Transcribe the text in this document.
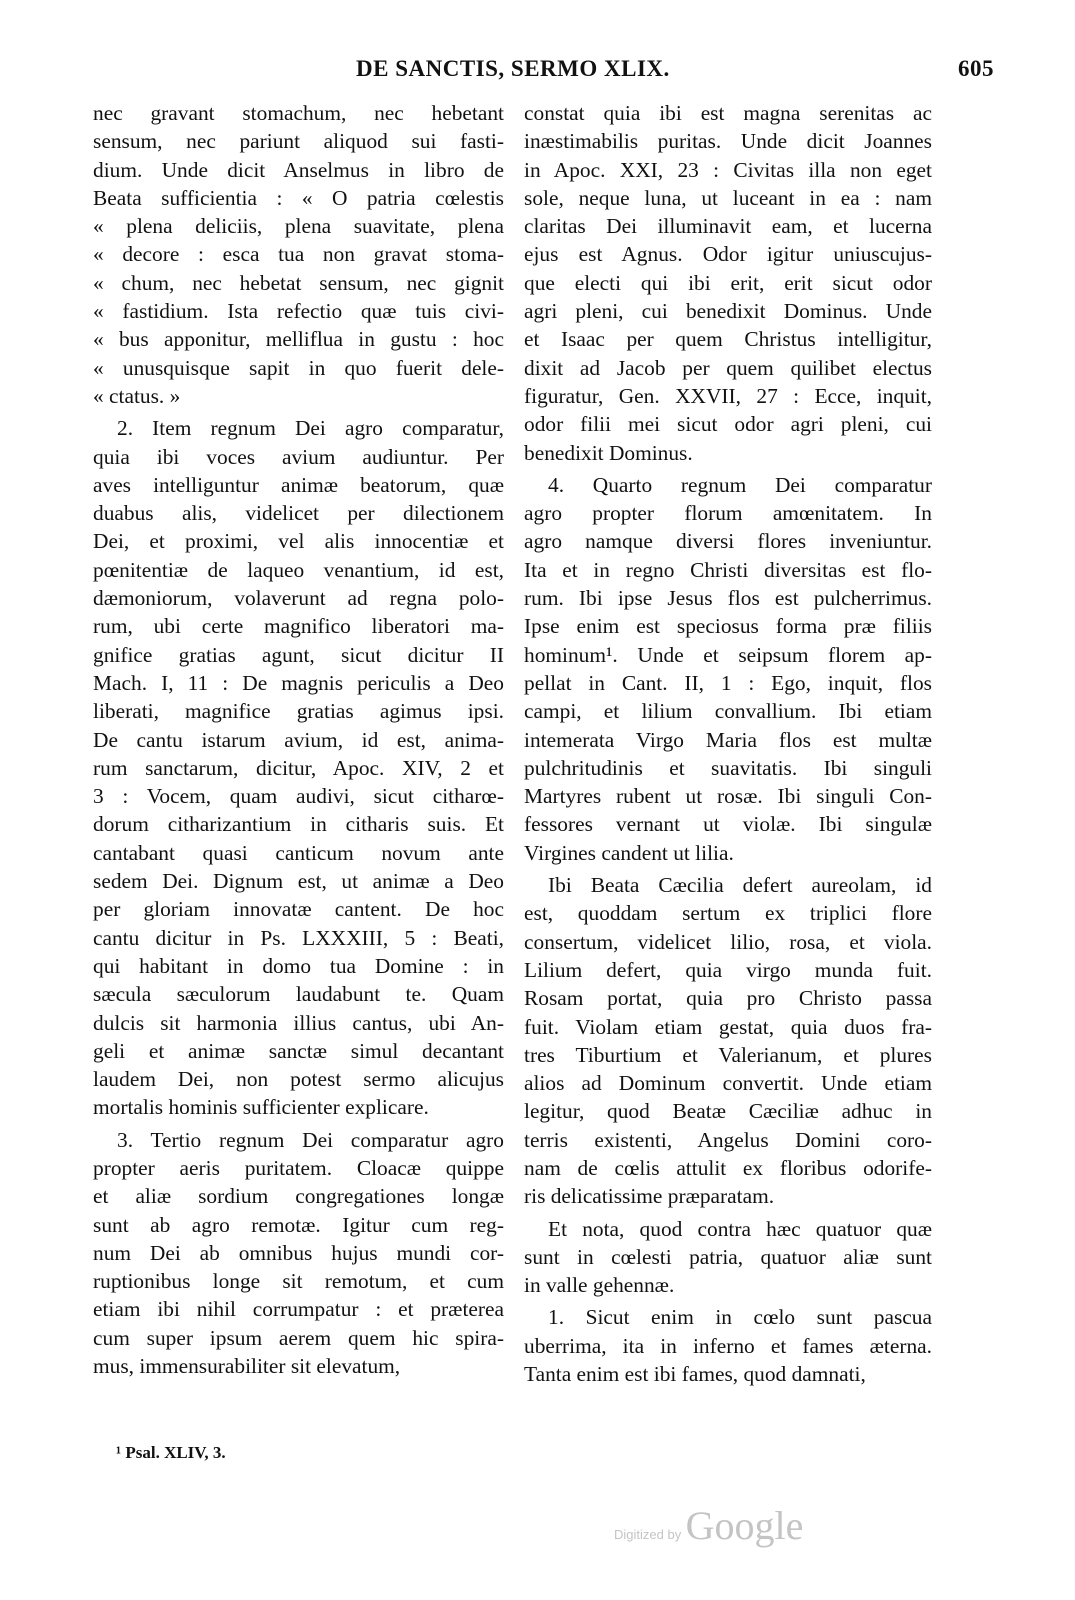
DE SANCTIS, SERMO XLIX.	605
nec gravant stomachum, nec hebetant
sensum, nec pariunt aliquod sui fasti-
dium. Unde dicit Anselmus in libro de
Beata sufficientia : « O patria cœlestis
« plena deliciis, plena suavitate, plena
« decore : esca tua non gravat stoma-
« chum, nec hebetat sensum, nec gignit
« fastidium. Ista refectio quæ tuis civi-
« bus apponitur, melliflua in gustu : hoc
« unusquisque sapit in quo fuerit dele-
« ctatus. »
2. Item regnum Dei agro comparatur,
quia ibi voces avium audiuntur. Per
aves intelliguntur animæ beatorum, quæ
duabus alis, videlicet per dilectionem
Dei, et proximi, vel alis innocentiæ et
pœnitentiæ de laqueo venantium, id est,
dæmoniorum, volaverunt ad regna polo-
rum, ubi certe magnifico liberatori ma-
gnifice gratias agunt, sicut dicitur II
Mach. I, 11 : De magnis periculis a Deo
liberati, magnifice gratias agimus ipsi.
De cantu istarum avium, id est, anima-
rum sanctarum, dicitur, Apoc. XIV, 2 et
3 : Vocem, quam audivi, sicut citharœ-
dorum citharizantium in citharis suis. Et
cantabant quasi canticum novum ante
sedem Dei. Dignum est, ut animæ a Deo
per gloriam innovatæ cantent. De hoc
cantu dicitur in Ps. LXXXIII, 5 : Beati,
qui habitant in domo tua Domine : in
sæcula sæculorum laudabunt te. Quam
dulcis sit harmonia illius cantus, ubi An-
geli et animæ sanctæ simul decantant
laudem Dei, non potest sermo alicujus
mortalis hominis sufficienter explicare.
3. Tertio regnum Dei comparatur agro
propter aeris puritatem. Cloacæ quippe
et aliæ sordium congregationes longæ
sunt ab agro remotæ. Igitur cum reg-
num Dei ab omnibus hujus mundi cor-
ruptionibus longe sit remotum, et cum
etiam ibi nihil corrumpatur : et præterea
cum super ipsum aerem quem hic spira-
mus, immensurabiliter sit elevatum,
constat quia ibi est magna serenitas ac
inæstimabilis puritas. Unde dicit Joannes
in Apoc. XXI, 23 : Civitas illa non eget
sole, neque luna, ut luceant in ea : nam
claritas Dei illuminavit eam, et lucerna
ejus est Agnus. Odor igitur uniuscujus-
que electi qui ibi erit, erit sicut odor
agri pleni, cui benedixit Dominus. Unde
et Isaac per quem Christus intelligitur,
dixit ad Jacob per quem quilibet electus
figuratur, Gen. XXVII, 27 : Ecce, inquit,
odor filii mei sicut odor agri pleni, cui
benedixit Dominus.
4. Quarto regnum Dei comparatur
agro propter florum amœnitatem. In
agro namque diversi flores inveniuntur.
Ita et in regno Christi diversitas est flo-
rum. Ibi ipse Jesus flos est pulcherrimus.
Ipse enim est speciosus forma præ filiis
hominum¹. Unde et seipsum florem ap-
pellat in Cant. II, 1 : Ego, inquit, flos
campi, et lilium convallium. Ibi etiam
intemerata Virgo Maria flos est multæ
pulchritudinis et suavitatis. Ibi singuli
Martyres rubent ut rosæ. Ibi singuli Con-
fessores vernant ut violæ. Ibi singulæ
Virgines candent ut lilia.
Ibi Beata Cæcilia defert aureolam, id
est, quoddam sertum ex triplici flore
consertum, videlicet lilio, rosa, et viola.
Lilium defert, quia virgo munda fuit.
Rosam portat, quia pro Christo passa
fuit. Violam etiam gestat, quia duos fra-
tres Tiburtium et Valerianum, et plures
alios ad Dominum convertit. Unde etiam
legitur, quod Beatæ Cæciliæ adhuc in
terris existenti, Angelus Domini coro-
nam de cœlis attulit ex floribus odorife-
ris delicatissime præparatam.
Et nota, quod contra hæc quatuor quæ
sunt in cœlesti patria, quatuor aliæ sunt
in valle gehennæ.
1. Sicut enim in cœlo sunt pascua
uberrima, ita in inferno et fames æterna.
Tanta enim est ibi fames, quod damnati,
¹ Psal. XLIV, 3.
Digitized by Google
